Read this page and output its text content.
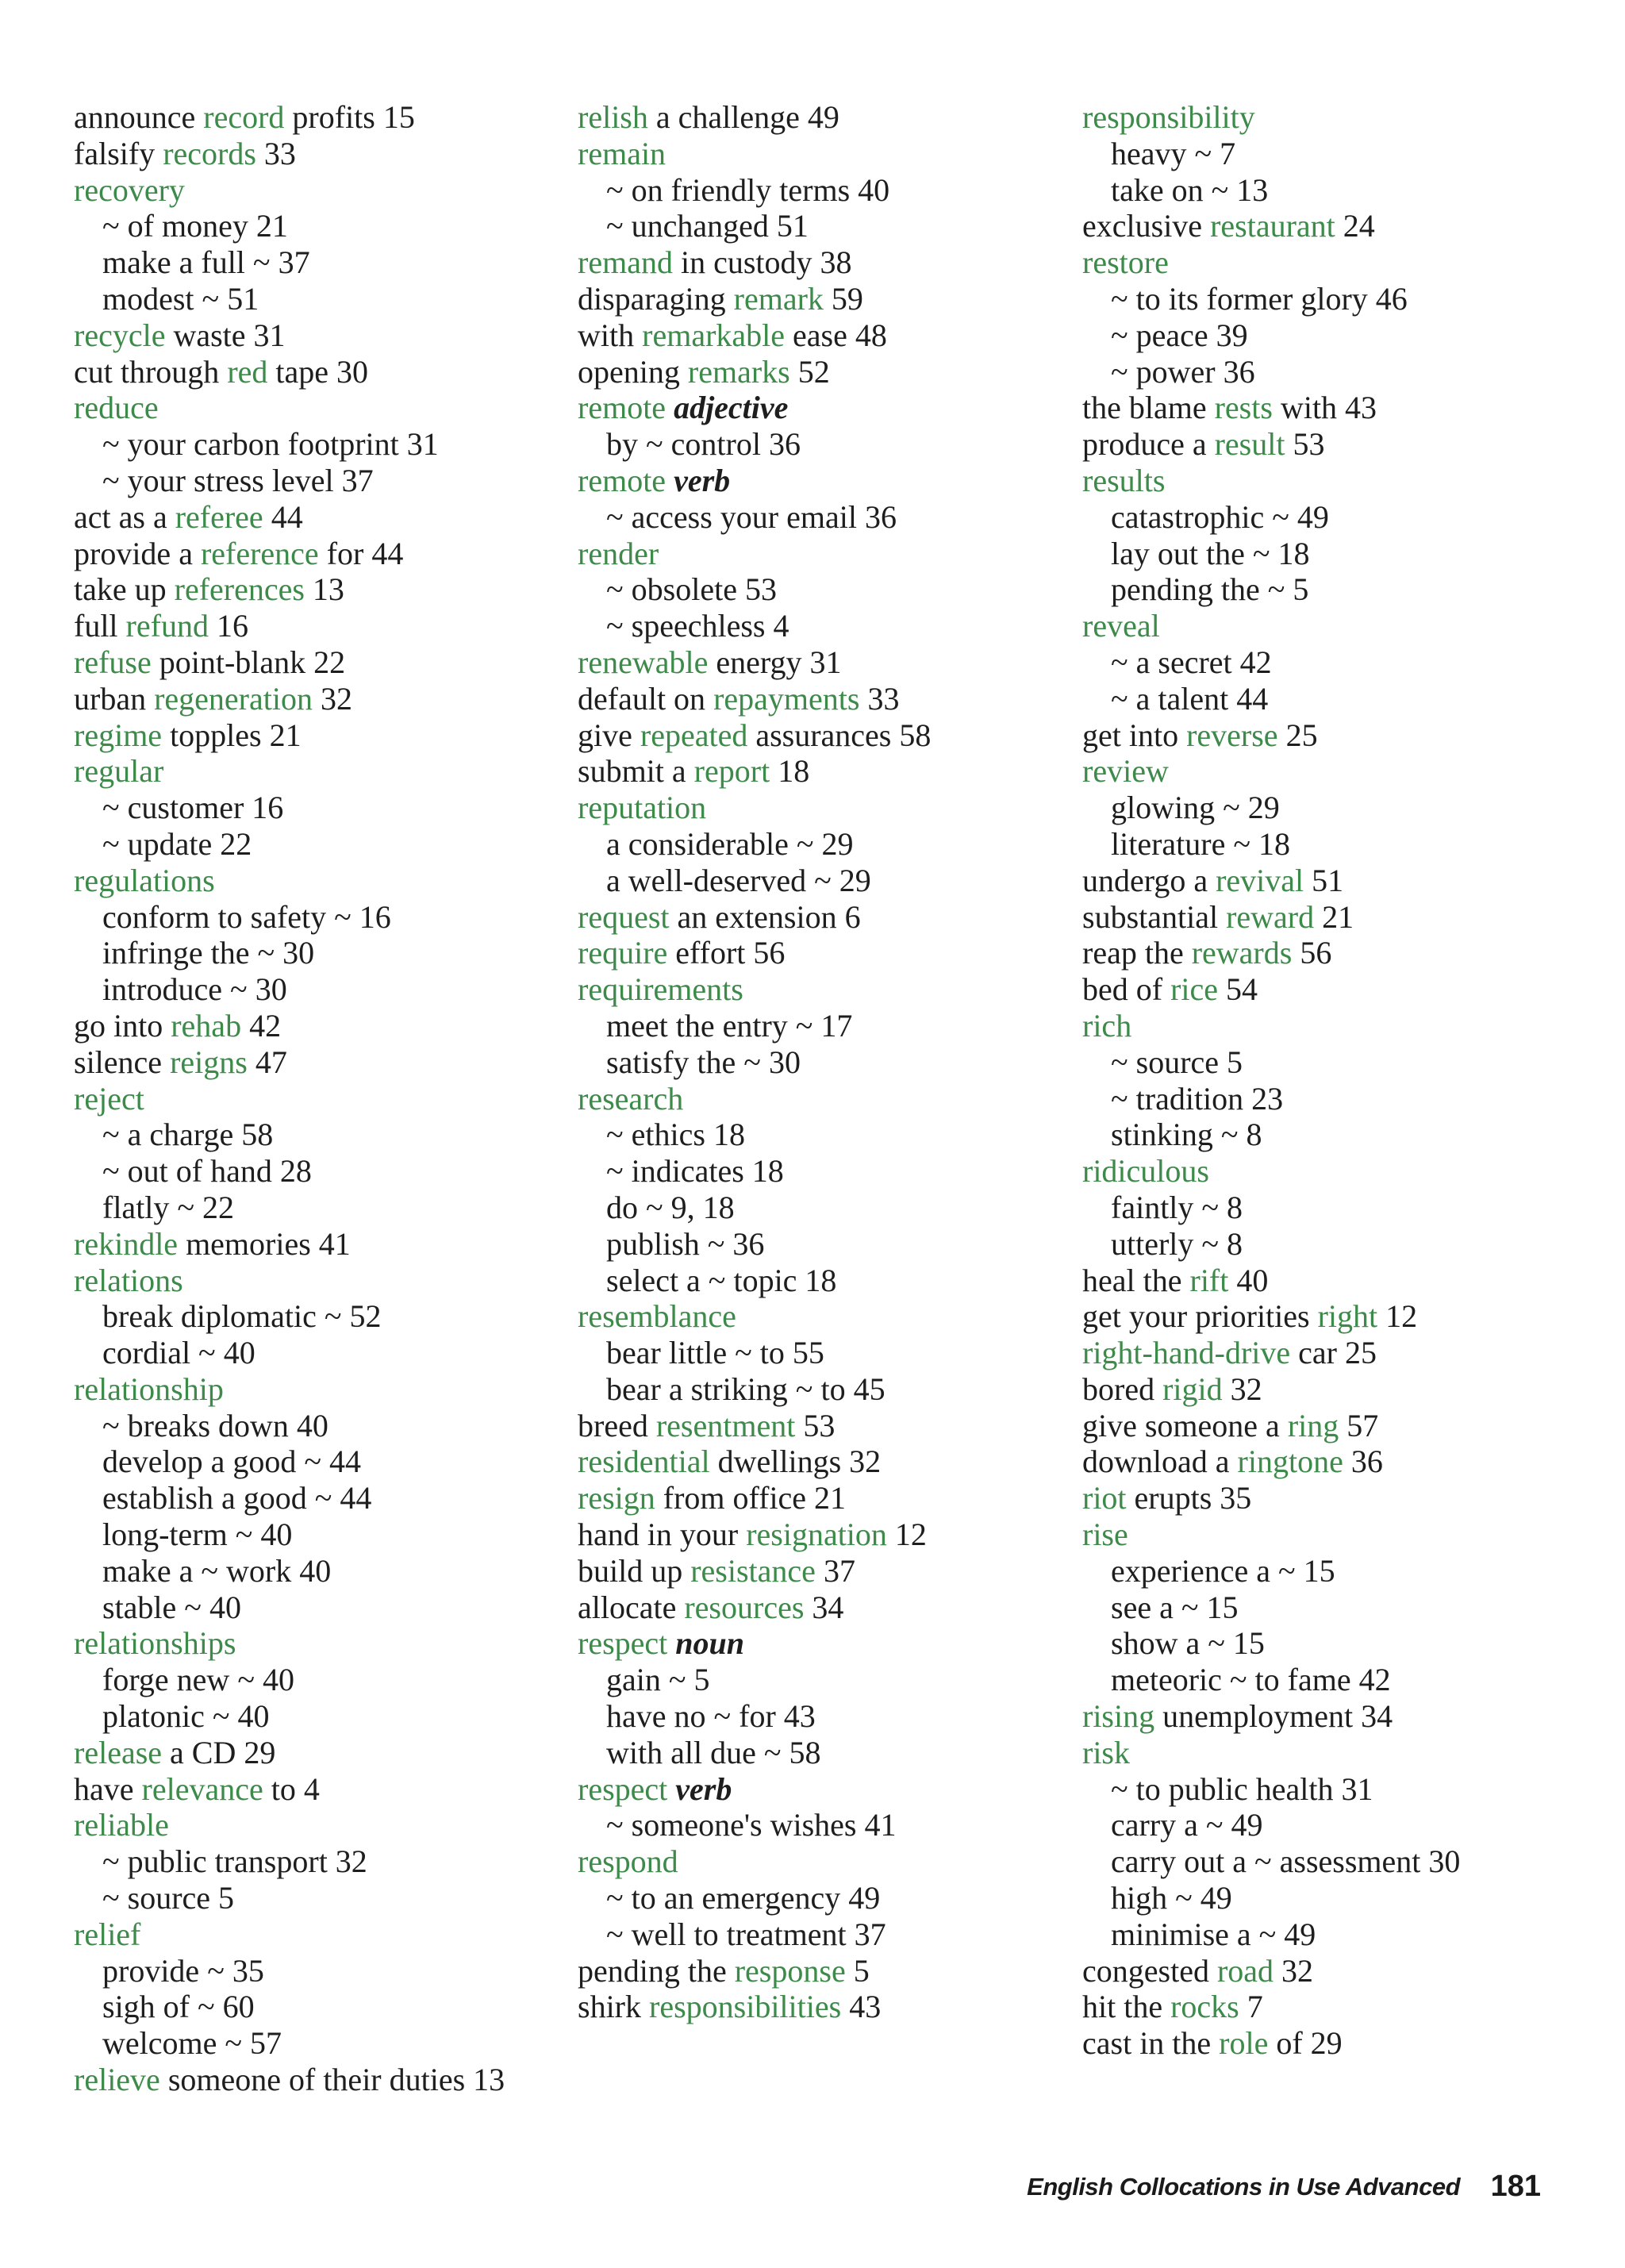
announce record profits 15
falsify records 33
recovery
~ of money 21
make a full ~ 37
modest ~ 51
recycle waste 31
cut through red tape 30
reduce
~ your carbon footprint 31
~ your stress level 37
act as a referee 44
provide a reference for 44
take up references 13
full refund 16
refuse point-blank 22
urban regeneration 32
regime topples 21
regular
~ customer 16
~ update 22
regulations
conform to safety ~ 16
infringe the ~ 30
introduce ~ 30
go into rehab 42
silence reigns 47
reject
~ a charge 58
~ out of hand 28
flatly ~ 22
rekindle memories 41
relations
break diplomatic ~ 52
cordial ~ 40
relationship
~ breaks down 40
develop a good ~ 44
establish a good ~ 44
long-term ~ 40
make a ~ work 40
stable ~ 40
relationships
forge new ~ 40
platonic ~ 40
release a CD 29
have relevance to 4
reliable
~ public transport 32
~ source 5
relief
provide ~ 35
sigh of ~ 60
welcome ~ 57
relieve someone of their duties 13
relish a challenge 49
remain
~ on friendly terms 40
~ unchanged 51
remand in custody 38
disparaging remark 59
with remarkable ease 48
opening remarks 52
remote adjective
by ~ control 36
remote verb
~ access your email 36
render
~ obsolete 53
~ speechless 4
renewable energy 31
default on repayments 33
give repeated assurances 58
submit a report 18
reputation
a considerable ~ 29
a well-deserved ~ 29
request an extension 6
require effort 56
requirements
meet the entry ~ 17
satisfy the ~ 30
research
~ ethics 18
~ indicates 18
do ~ 9, 18
publish ~ 36
select a ~ topic 18
resemblance
bear little ~ to 55
bear a striking ~ to 45
breed resentment 53
residential dwellings 32
resign from office 21
hand in your resignation 12
build up resistance 37
allocate resources 34
respect noun
gain ~ 5
have no ~ for 43
with all due ~ 58
respect verb
~ someone's wishes 41
respond
~ to an emergency 49
~ well to treatment 37
pending the response 5
shirk responsibilities 43
responsibility
heavy ~ 7
take on ~ 13
exclusive restaurant 24
restore
~ to its former glory 46
~ peace 39
~ power 36
the blame rests with 43
produce a result 53
results
catastrophic ~ 49
lay out the ~ 18
pending the ~ 5
reveal
~ a secret 42
~ a talent 44
get into reverse 25
review
glowing ~ 29
literature ~ 18
undergo a revival 51
substantial reward 21
reap the rewards 56
bed of rice 54
rich
~ source 5
~ tradition 23
stinking ~ 8
ridiculous
faintly ~ 8
utterly ~ 8
heal the rift 40
get your priorities right 12
right-hand-drive car 25
bored rigid 32
give someone a ring 57
download a ringtone 36
riot erupts 35
rise
experience a ~ 15
see a ~ 15
show a ~ 15
meteoric ~ to fame 42
rising unemployment 34
risk
~ to public health 31
carry a ~ 49
carry out a ~ assessment 30
high ~ 49
minimise a ~ 49
congested road 32
hit the rocks 7
cast in the role of 29
English Collocations in Use Advanced 181
